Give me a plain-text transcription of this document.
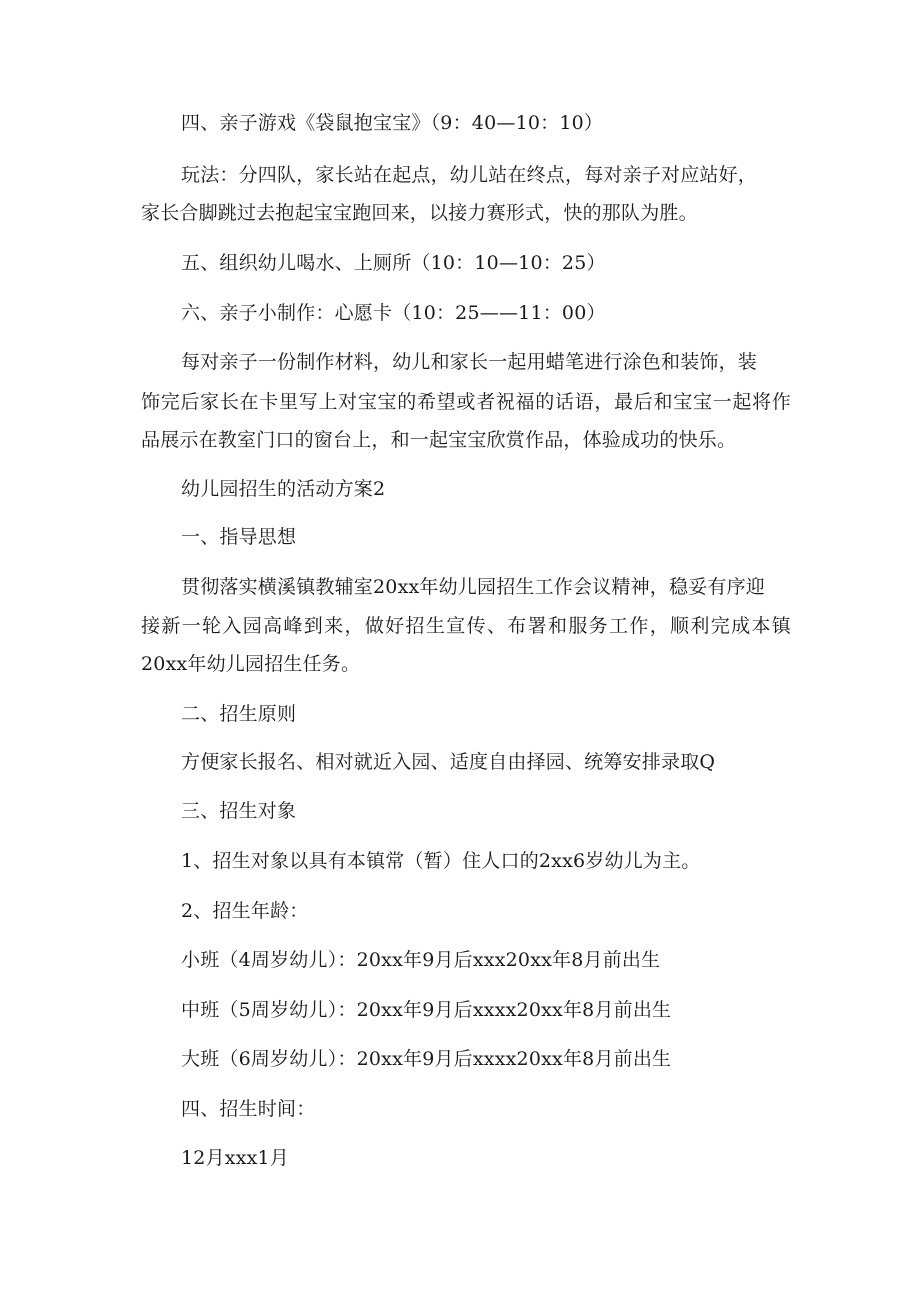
四、亲子游戏《袋鼠抱宝宝》（9：40—10：10）
玩法：分四队，家长站在起点，幼儿站在终点，每对亲子对应站好，
家长合脚跳过去抱起宝宝跑回来，以接力赛形式，快的那队为胜。
五、组织幼儿喝水、上厕所（10：10—10：25）
六、亲子小制作：心愿卡（10：25——11：00）
每对亲子一份制作材料，幼儿和家长一起用蜡笔进行涂色和装饰，装
饰完后家长在卡里写上对宝宝的希望或者祝福的话语，最后和宝宝一起将作
品展示在教室门口的窗台上，和一起宝宝欣赏作品，体验成功的快乐。
幼儿园招生的活动方案2
一、指导思想
贯彻落实横溪镇教辅室20xx年幼儿园招生工作会议精神，稳妥有序迎
接新一轮入园高峰到来，做好招生宣传、布署和服务工作，顺利完成本镇
20xx年幼儿园招生任务。
二、招生原则
方便家长报名、相对就近入园、适度自由择园、统筹安排录取Q
三、招生对象
1、招生对象以具有本镇常（暂）住人口的2xx6岁幼儿为主。
2、招生年龄：
小班（4周岁幼儿）：20xx年9月后xxx20xx年8月前出生
中班（5周岁幼儿）：20xx年9月后xxxx20xx年8月前出生
大班（6周岁幼儿）：20xx年9月后xxxx20xx年8月前出生
四、招生时间：
12月xxx1月
